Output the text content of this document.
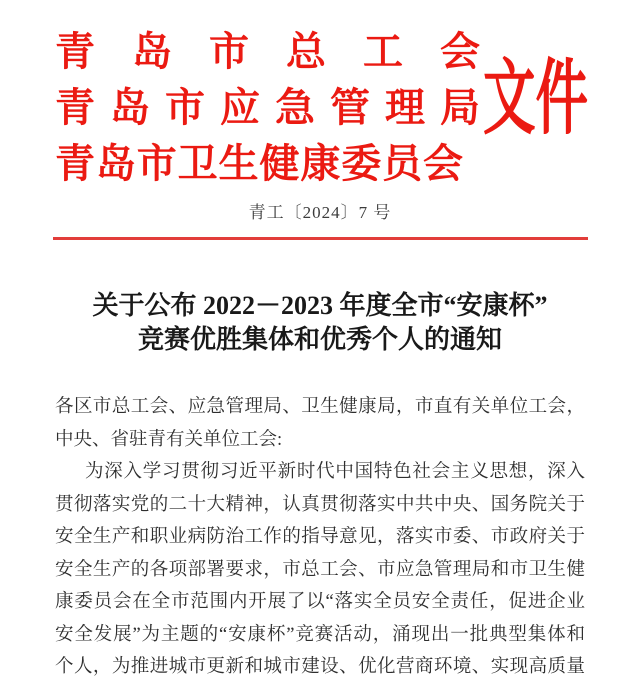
青岛市总工会
青岛市应急管理局
青岛市卫生健康委员会
文件
青工〔2024〕7 号
关于公布 2022－2023 年度全市“安康杯”
竞赛优胜集体和优秀个人的通知
各区市总工会、应急管理局、卫生健康局，市直有关单位工会，
中央、省驻青有关单位工会:
为深入学习贯彻习近平新时代中国特色社会主义思想，深入
贯彻落实党的二十大精神，认真贯彻落实中共中央、国务院关于
安全生产和职业病防治工作的指导意见，落实市委、市政府关于
安全生产的各项部署要求，市总工会、市应急管理局和市卫生健
康委员会在全市范围内开展了以“落实全员安全责任，促进企业
安全发展”为主题的“安康杯”竞赛活动，涌现出一批典型集体和
个人，为推进城市更新和城市建设、优化营商环境、实现高质量
